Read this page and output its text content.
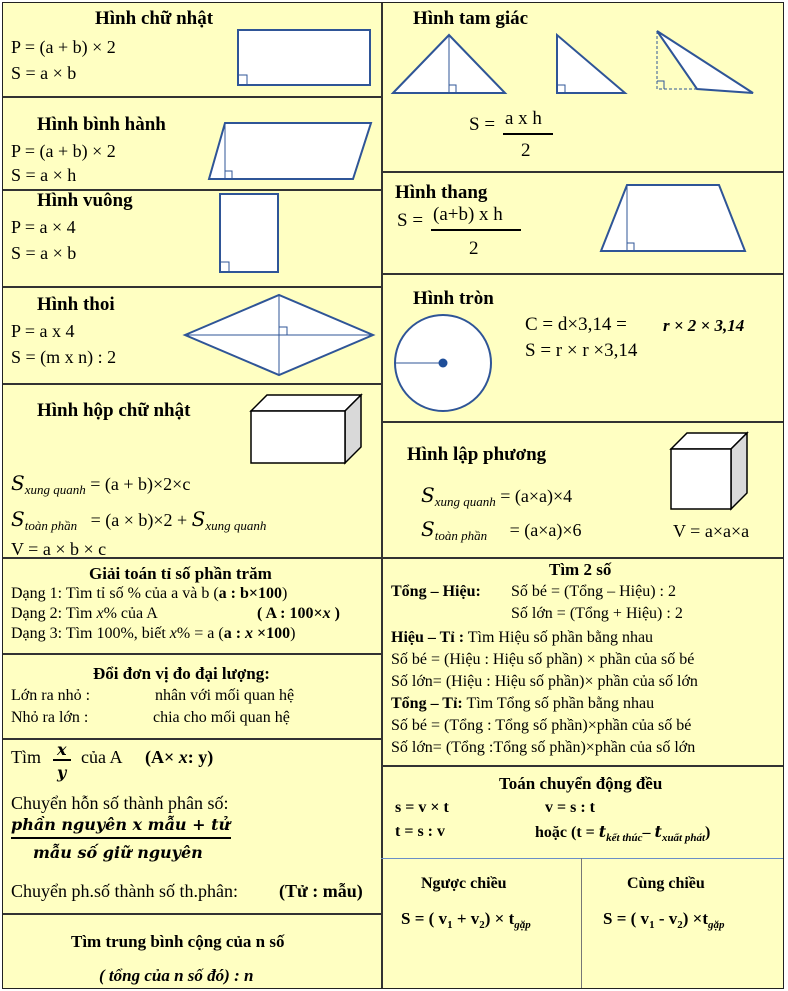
Hình chữ nhật
P = (a + b) × 2
S = a × b
Hình bình hành
P = (a + b) × 2
S = a × h
Hình vuông
P = a × 4
S = a × b
Hình thoi
P = a x 4
S = (m x n) : 2
Hình hộp chữ nhật
$S_{xung quanh} = (a + b)\times 2\times c$
$S_{toàn phần} = (a \times b)\times 2 + S_{xung quanh}$
V = a × b × c
Giải toán tỉ số phần trăm
Dạng 1: Tìm tỉ số % của a và b (a : b×100)
Dạng 2: Tìm x% của A	( A : 100×x )
Dạng 3: Tìm 100%, biết x% = a (a : x ×100)
Đổi đơn vị đo đại lượng:
Lớn ra nhỏ :	nhân với mối quan hệ
Nhỏ ra lớn :	chia cho mối quan hệ
Tìm x
y
của A (A× x: y)
Chuyển hỗn số thành phân số:
phần nguyên x mẫu + tử
mẫu số giữ nguyên
Chuyển ph.số thành số th.phân: (Tử : mẫu)
Tìm trung bình cộng của n số
( tổng của n số đó) : n
Hình tam giác
S = a x h
2
Hình thang
S = (a+b) x h
2
Hình tròn
C = d×3,14 = r × 2 × 3,14
S = r × r ×3,14
Hình lập phương
$S_{xung quanh} = (a\times a)\times 4$
$S_{toàn phần} = (a\times a)\times 6$	V = a×a×a
Tìm 2 số
Tổng – Hiệu: Số bé = (Tổng – Hiệu) : 2
Số lớn = (Tổng + Hiệu) : 2
Hiệu – Tỉ : Tìm Hiệu số phần bằng nhau
Số bé = (Hiệu : Hiệu số phần) × phần của số bé
Số lớn= (Hiệu : Hiệu số phần)× phần của số lớn
Tổng – Tỉ: Tìm Tổng số phần bằng nhau
Số bé = (Tổng : Tổng số phần)×phần của số bé
Số lớn= (Tổng :Tổng số phần)×phần của số lớn
Toán chuyển động đều
s = v × t	v = s : t
t = s : v	hoặc ($t = t_{kết thúc}-$ $t_{xuất phát}$)
Ngược chiều
S = ( $v_1 + v_2) \times t_{gặp}$
Cùng chiều
S = ( $v_1 - v_2) \times t_{gặp}$
